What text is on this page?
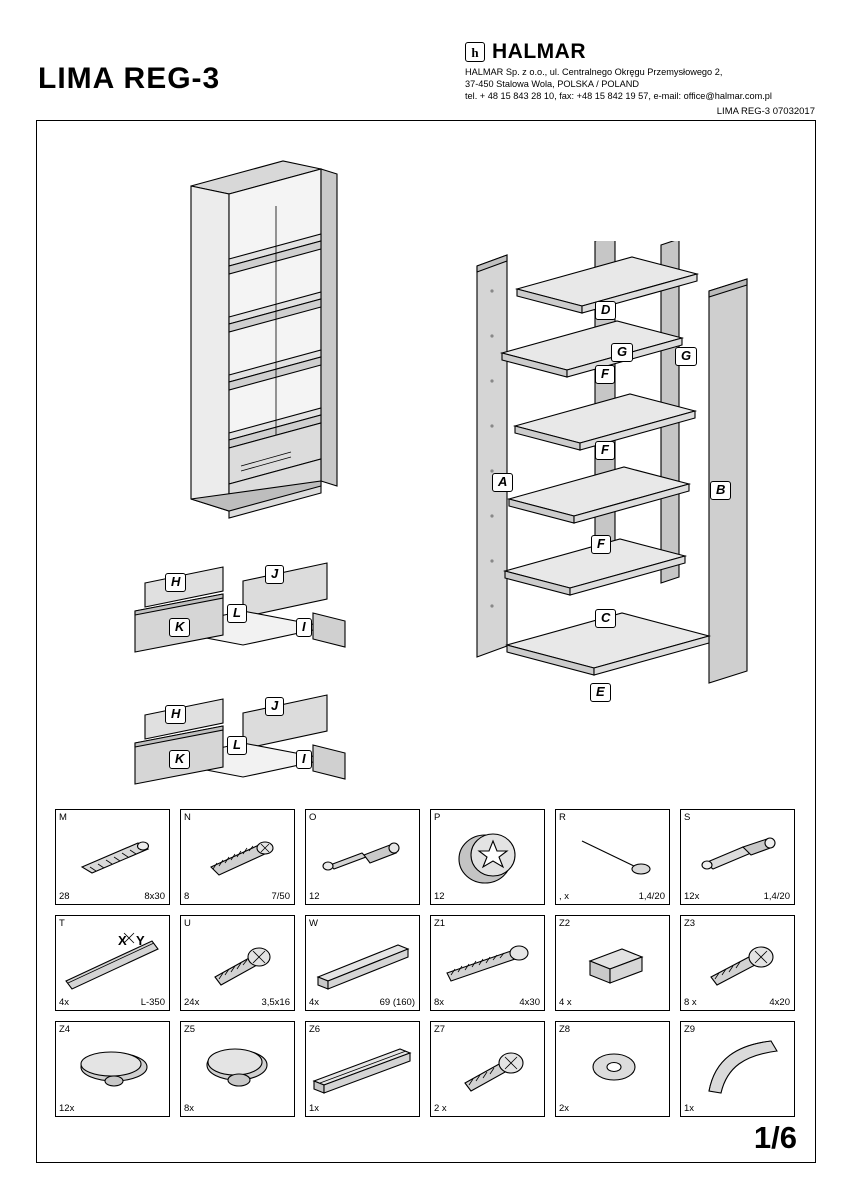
LIMA REG-3
h HALMAR
HALMAR Sp. z o.o., ul. Centralnego Okręgu Przemysłowego 2,
37-450 Stalowa Wola, POLSKA / POLAND
tel. + 48 15 843 28 10, fax: +48 15 842 19 57, e-mail: office@halmar.com.pl
LIMA REG-3 07032017
A
B
C
D
E
F
F
F
G	G
H
J
K
L
I
H
J
K
L
I
M
28	8x30
N
8	7/50
O
12
P
12
R
, x	1,4/20
S
12x	1,4/20
T
X Y
4x	L-350
U
24x	3,5x16
W
4x	69 (160)
Z1
8x	4x30
Z2
4 x
Z3
8 x	4x20
Z4
12x
Z5
8x
Z6
1x
Z7
2 x
Z8
2x
Z9
1x
1/6
